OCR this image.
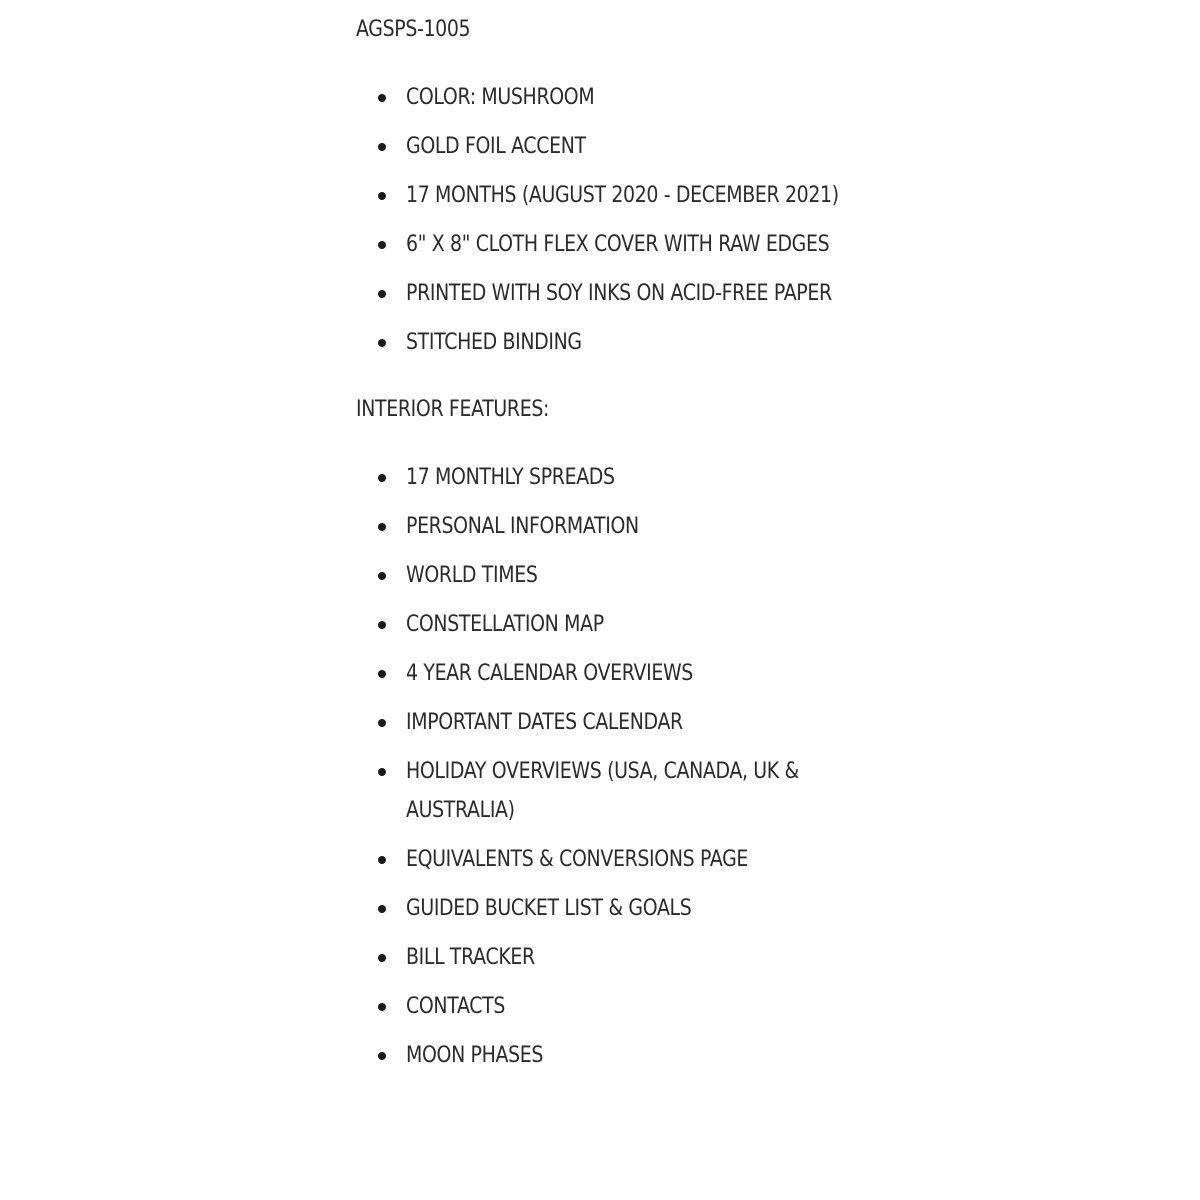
AGSPS-1005

COLOR: MUSHROOM
GOLD FOIL ACCENT
17 MONTHS (AUGUST 2020 - DECEMBER 2021)
6" X 8" CLOTH FLEX COVER WITH RAW EDGES
PRINTED WITH SOY INKS ON ACID-FREE PAPER
STITCHED BINDING

INTERIOR FEATURES:

17 MONTHLY SPREADS
PERSONAL INFORMATION
WORLD TIMES
CONSTELLATION MAP
4 YEAR CALENDAR OVERVIEWS
IMPORTANT DATES CALENDAR
HOLIDAY OVERVIEWS (USA, CANADA, UK & AUSTRALIA)
EQUIVALENTS & CONVERSIONS PAGE
GUIDED BUCKET LIST & GOALS
BILL TRACKER
CONTACTS
MOON PHASES
